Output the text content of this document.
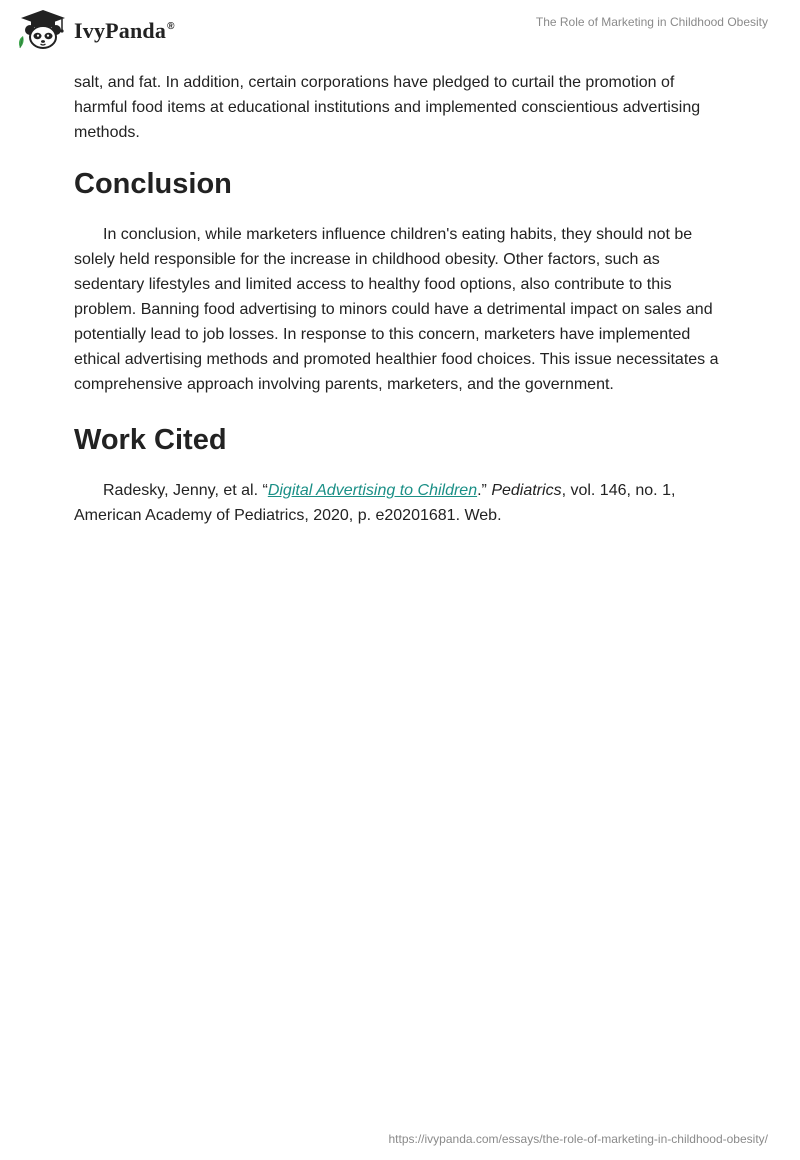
IvyPanda®	The Role of Marketing in Childhood Obesity

salt, and fat. In addition, certain corporations have pledged to curtail the promotion of harmful food items at educational institutions and implemented conscientious advertising methods.

Conclusion

In conclusion, while marketers influence children's eating habits, they should not be solely held responsible for the increase in childhood obesity. Other factors, such as sedentary lifestyles and limited access to healthy food options, also contribute to this problem. Banning food advertising to minors could have a detrimental impact on sales and potentially lead to job losses. In response to this concern, marketers have implemented ethical advertising methods and promoted healthier food choices. This issue necessitates a comprehensive approach involving parents, marketers, and the government.

Work Cited

Radesky, Jenny, et al. “Digital Advertising to Children.” Pediatrics, vol. 146, no. 1, American Academy of Pediatrics, 2020, p. e20201681. Web.

https://ivypanda.com/essays/the-role-of-marketing-in-childhood-obesity/
